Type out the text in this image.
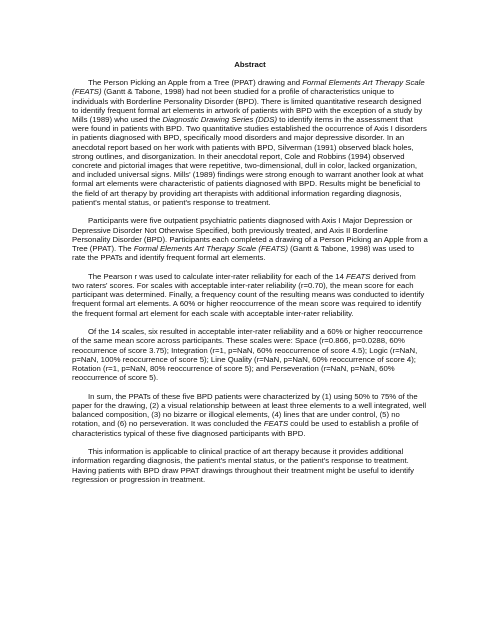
Abstract

The Person Picking an Apple from a Tree (PPAT) drawing and Formal Elements Art Therapy Scale (FEATS) (Gantt & Tabone, 1998) had not been studied for a profile of characteristics unique to individuals with Borderline Personality Disorder (BPD). There is limited quantitative research designed to identify frequent formal art elements in artwork of patients with BPD with the exception of a study by Mills (1989) who used the Diagnostic Drawing Series (DDS) to identify items in the assessment that were found in patients with BPD. Two quantitative studies established the occurrence of Axis I disorders in patients diagnosed with BPD, specifically mood disorders and major depressive disorder. In an anecdotal report based on her work with patients with BPD, Silverman (1991) observed black holes, strong outlines, and disorganization. In their anecdotal report, Cole and Robbins (1994) observed concrete and pictorial images that were repetitive, two-dimensional, dull in color, lacked organization, and included universal signs. Mills' (1989) findings were strong enough to warrant another look at what formal art elements were characteristic of patients diagnosed with BPD. Results might be beneficial to the field of art therapy by providing art therapists with additional information regarding diagnosis, patient's mental status, or patient's response to treatment.

Participants were five outpatient psychiatric patients diagnosed with Axis I Major Depression or Depressive Disorder Not Otherwise Specified, both previously treated, and Axis II Borderline Personality Disorder (BPD). Participants each completed a drawing of a Person Picking an Apple from a Tree (PPAT). The Formal Elements Art Therapy Scale (FEATS) (Gantt & Tabone, 1998) was used to rate the PPATs and identify frequent formal art elements.

The Pearson r was used to calculate inter-rater reliability for each of the 14 FEATS derived from two raters' scores. For scales with acceptable inter-rater reliability (r=0.70), the mean score for each participant was determined. Finally, a frequency count of the resulting means was conducted to identify frequent formal art elements. A 60% or higher reoccurrence of the mean score was required to identify the frequent formal art element for each scale with acceptable inter-rater reliability.

Of the 14 scales, six resulted in acceptable inter-rater reliability and a 60% or higher reoccurrence of the same mean score across participants. These scales were: Space (r=0.866, p=0.0288, 60% reoccurrence of score 3.75); Integration (r=1, p=NaN, 60% reoccurrence of score 4.5); Logic (r=NaN, p=NaN, 100% reoccurrence of score 5); Line Quality (r=NaN, p=NaN, 60% reoccurrence of score 4); Rotation (r=1, p=NaN, 80% reoccurrence of score 5); and Perseveration (r=NaN, p=NaN, 60% reoccurrence of score 5).

In sum, the PPATs of these five BPD patients were characterized by (1) using 50% to 75% of the paper for the drawing, (2) a visual relationship between at least three elements to a well integrated, well balanced composition, (3) no bizarre or illogical elements, (4) lines that are under control, (5) no rotation, and (6) no perseveration. It was concluded the FEATS could be used to establish a profile of characteristics typical of these five diagnosed participants with BPD.

This information is applicable to clinical practice of art therapy because it provides additional information regarding diagnosis, the patient's mental status, or the patient's response to treatment. Having patients with BPD draw PPAT drawings throughout their treatment might be useful to identify regression or progression in treatment.
